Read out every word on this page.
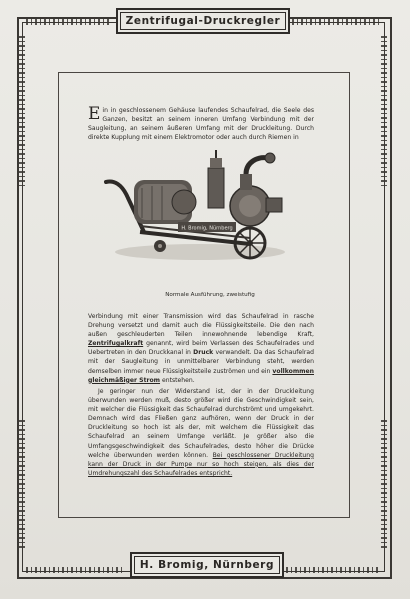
Zentrifugal-Druckregler
Ein in geschlossenem Gehäuse laufendes Schaufelrad, die Seele des Ganzen, besitzt an seinem inneren Umfang Verbindung mit der Saugleitung, an seinem äußeren Umfang mit der Druckleitung. Durch direkte Kupplung mit einem Elektromotor oder auch durch Riemen in
H. Bromig, Nürnberg
Normale Ausführung, zweistufig
Verbindung mit einer Transmission wird das Schaufelrad in rasche Drehung versetzt und damit auch die Flüssigkeitsteile. Die den nach außen geschleuderten Teilen innewohnende lebendige Kraft, Zentrifugalkraft genannt, wird beim Verlassen des Schaufelrades und Uebertreten in den Druckkanal in Druck verwandelt. Da das Schaufelrad mit der Saugleitung in unmittelbarer Verbindung steht, werden demselben immer neue Flüssigkeitsteile zuströmen und ein vollkommen gleichmäßiger Strom entstehen.
Je geringer nun der Widerstand ist, der in der Druckleitung überwunden werden muß, desto größer wird die Geschwindigkeit sein, mit welcher die Flüssigkeit das Schaufelrad durchströmt und umgekehrt. Demnach wird das Fließen ganz aufhören, wenn der Druck in der Druckleitung so hoch ist als der, mit welchem die Flüssigkeit das Schaufelrad an seinem Umfange verläßt. Je größer also die Umfangsgeschwindigkeit des Schaufelrades, desto höher die Drücke welche überwunden werden können. Bei geschlossener Druckleitung kann der Druck in der Pumpe nur so hoch steigen, als dies der Umdrehungszahl des Schaufelrades entspricht.
H. Bromig, Nürnberg
